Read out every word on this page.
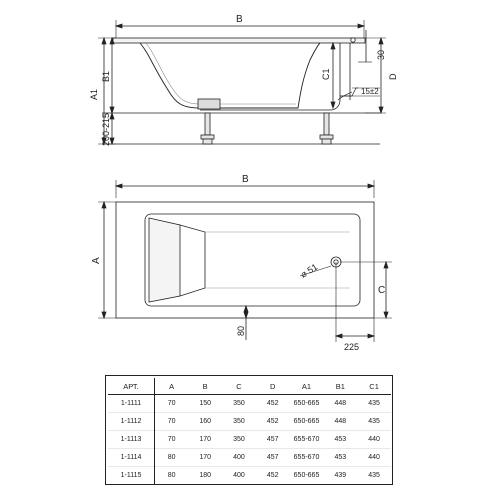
B
A1
B1
200-215
C1	D
30
15±2
B
A
C
⌀ 51
80
225
АРТ.	A	B	C	D	A1	B1	C1
1-1111	70	150	350	452	650-665	448	435
1-1112	70	160	350	452	650-665	448	435
1-1113	70	170	350	457	655-670	453	440
1-1114	80	170	400	457	655-670	453	440
1-1115	80	180	400	452	650-665	439	435
